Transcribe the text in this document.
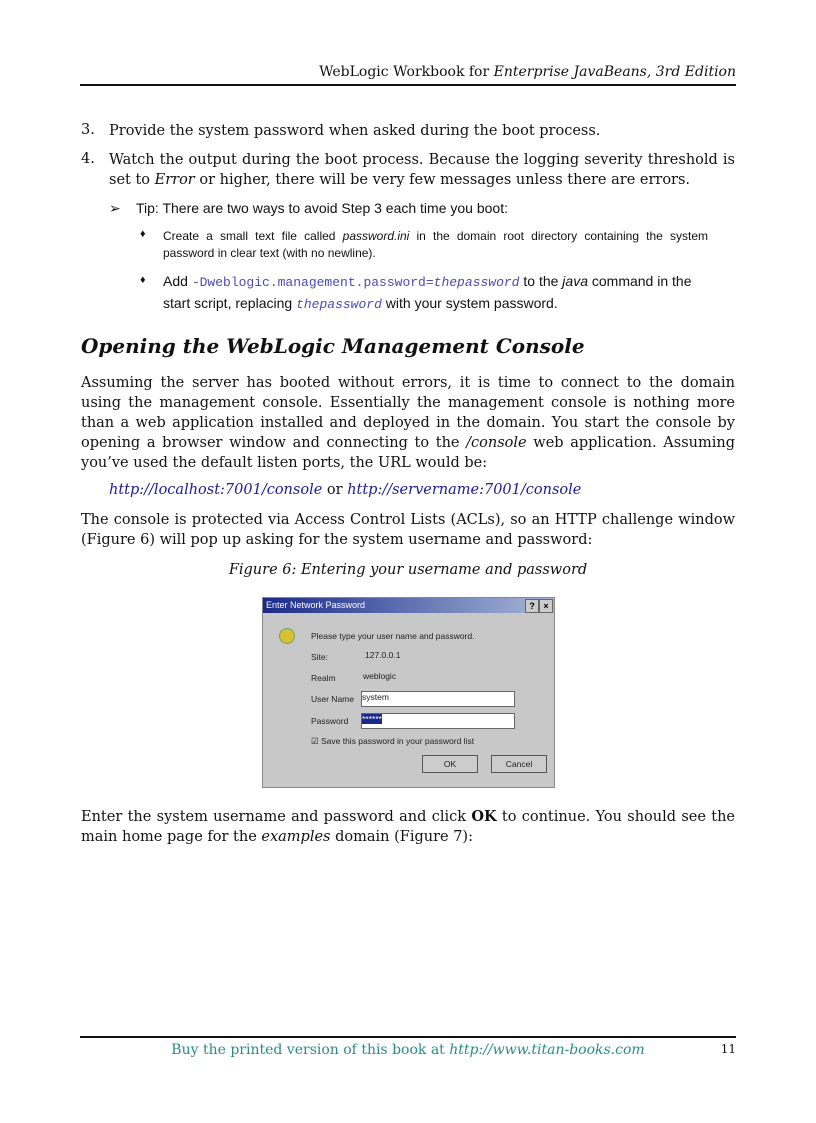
WebLogic Workbook for Enterprise JavaBeans, 3rd Edition
3. Provide the system password when asked during the boot process.
4. Watch the output during the boot process. Because the logging severity threshold is set to Error or higher, there will be very few messages unless there are errors.
➢ Tip: There are two ways to avoid Step 3 each time you boot:
♦ Create a small text file called password.ini in the domain root directory containing the system password in clear text (with no newline).
♦ Add -Dweblogic.management.password=thepassword to the java command in the start script, replacing thepassword with your system password.
Opening the WebLogic Management Console
Assuming the server has booted without errors, it is time to connect to the domain using the management console. Essentially the management console is nothing more than a web application installed and deployed in the domain. You start the console by opening a browser window and connecting to the /console web application. Assuming you’ve used the default listen ports, the URL would be:
http://localhost:7001/console or http://servername:7001/console
The console is protected via Access Control Lists (ACLs), so an HTTP challenge window (Figure 6) will pop up asking for the system username and password:
Figure 6: Entering your username and password
Enter Network Password	? ×
Please type your user name and password.
Site:	127.0.0.1
Realm	weblogic
User Name system
Password ******
☑ Save this password in your password list
OK	Cancel
Enter the system username and password and click OK to continue. You should see the main home page for the examples domain (Figure 7):
Buy the printed version of this book at http://www.titan-books.com	11
